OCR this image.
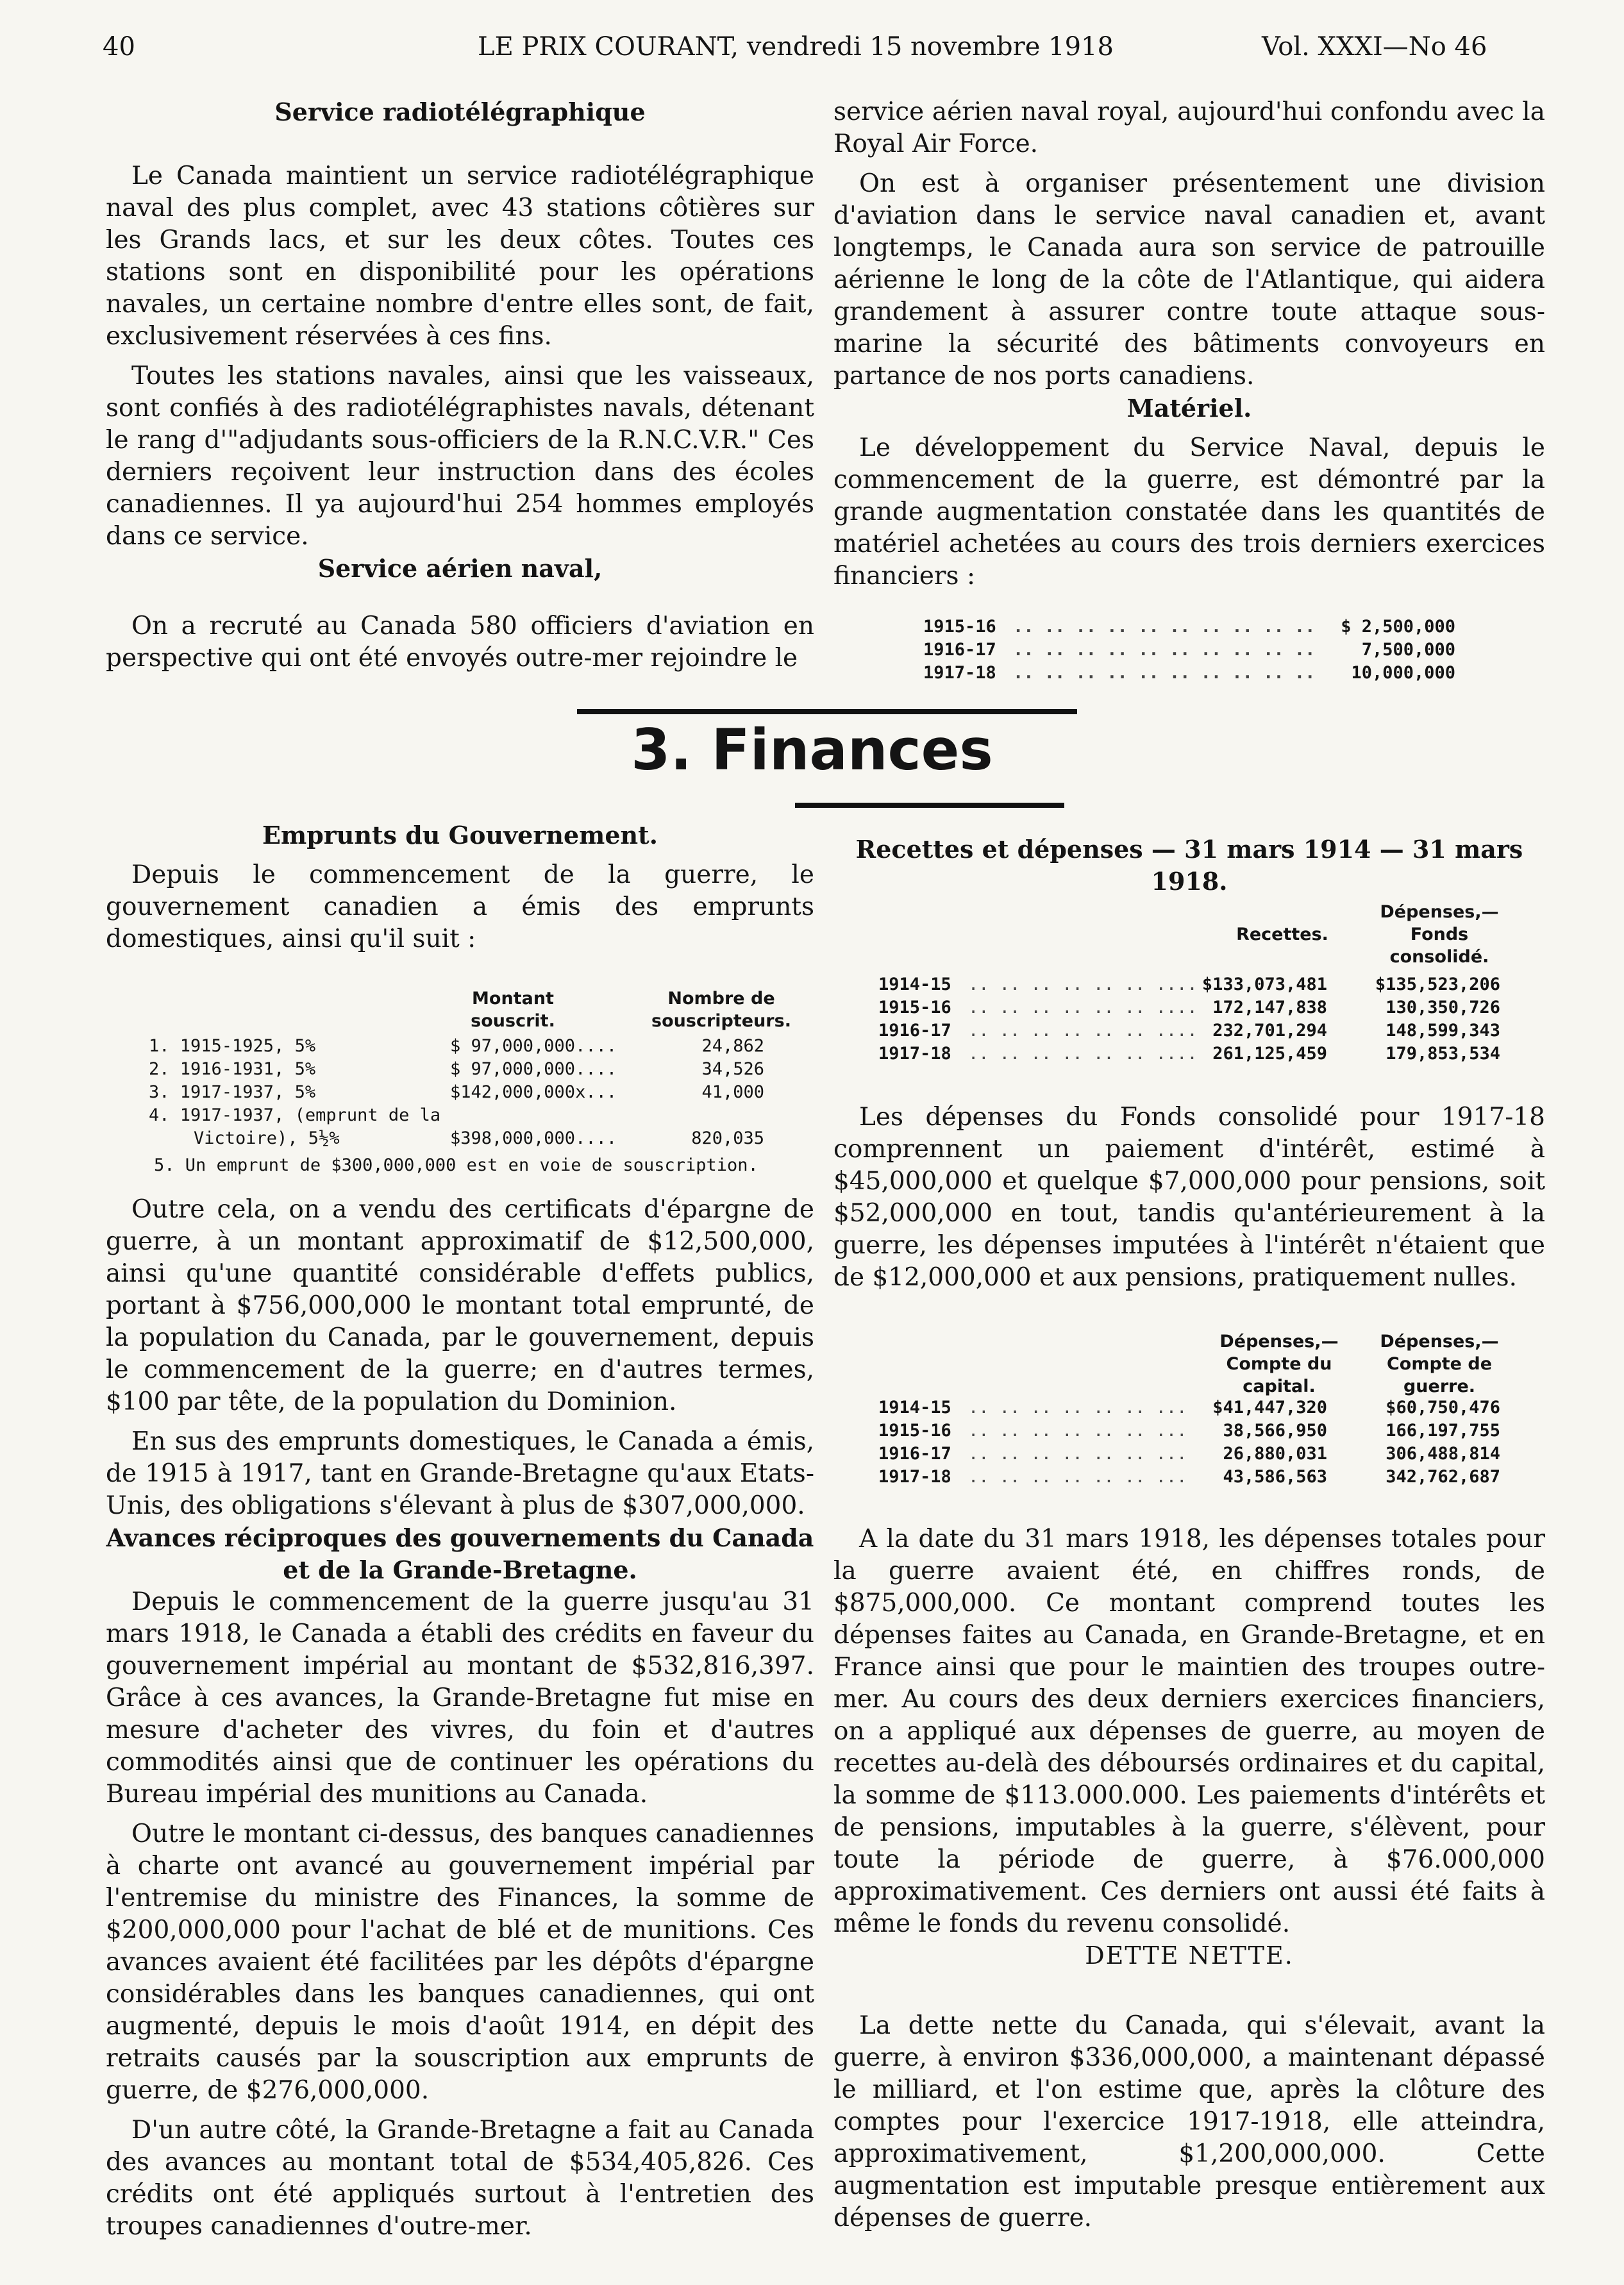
40	LE PRIX COURANT, vendredi 15 novembre 1918	Vol. XXXI—No 46

Service radiotélégraphique

Le Canada maintient un service radiotélégraphique naval des plus complet, avec 43 stations côtières sur les Grands lacs, et sur les deux côtes. Toutes ces stations sont en disponibilité pour les opérations navales, un certaine nombre d'entre elles sont, de fait, exclusivement réservées à ces fins.

Toutes les stations navales, ainsi que les vaisseaux, sont confiés à des radiotélégraphistes navals, détenant le rang d'"adjudants sous-officiers de la R.N.C.V.R." Ces derniers reçoivent leur instruction dans des écoles canadiennes. Il ya aujourd'hui 254 hommes employés dans ce service.

Service aérien naval,

On a recruté au Canada 580 officiers d'aviation en perspective qui ont été envoyés outre-mer rejoindre le

service aérien naval royal, aujourd'hui confondu avec la Royal Air Force.

On est à organiser présentement une division d'aviation dans le service naval canadien et, avant longtemps, le Canada aura son service de patrouille aérienne le long de la côte de l'Atlantique, qui aidera grandement à assurer contre toute attaque sous-marine la sécurité des bâtiments convoyeurs en partance de nos ports canadiens.

Matériel.

Le développement du Service Naval, depuis le commencement de la guerre, est démontré par la grande augmentation constatée dans les quantités de matériel achetées au cours des trois derniers exercices financiers :

1915-16 .. .. .. .. .. .. .. .. .. .. $ 2,500,000
1916-17 .. .. .. .. .. .. .. .. .. ..	7,500,000
1917-18 .. .. .. .. .. .. .. .. .. .. 10,000,000
3. Finances

Emprunts du Gouvernement.

Depuis le commencement de la guerre, le gouvernement canadien a émis des emprunts domestiques, ainsi qu'il suit :

Montant souscrit.
Nombre de souscripteurs.
1. 1915-1925, 5%	$ 97,000,000....	24,862
2. 1916-1931, 5%	$ 97,000,000....	34,526
3. 1917-1937, 5%	$142,000,000x...	41,000
4. 1917-1937, (emprunt de la
Victoire), 5½%	$398,000,000....	820,035
5. Un emprunt de $300,000,000 est en voie de souscription.

Outre cela, on a vendu des certificats d'épargne de guerre, à un montant approximatif de $12,500,000, ainsi qu'une quantité considérable d'effets publics, portant à $756,000,000 le montant total emprunté, de la population du Canada, par le gouvernement, depuis le commencement de la guerre; en d'autres termes, $100 par tête, de la population du Dominion.

En sus des emprunts domestiques, le Canada a émis, de 1915 à 1917, tant en Grande-Bretagne qu'aux Etats-Unis, des obligations s'élevant à plus de $307,000,000.

Avances réciproques des gouvernements du Canada et de la Grande-Bretagne.

Depuis le commencement de la guerre jusqu'au 31 mars 1918, le Canada a établi des crédits en faveur du gouvernement impérial au montant de $532,816,397. Grâce à ces avances, la Grande-Bretagne fut mise en mesure d'acheter des vivres, du foin et d'autres commodités ainsi que de continuer les opérations du Bureau impérial des munitions au Canada.

Outre le montant ci-dessus, des banques canadiennes à charte ont avancé au gouvernement impérial par l'entremise du ministre des Finances, la somme de $200,000,000 pour l'achat de blé et de munitions. Ces avances avaient été facilitées par les dépôts d'épargne considérables dans les banques canadiennes, qui ont augmenté, depuis le mois d'août 1914, en dépit des retraits causés par la souscription aux emprunts de guerre, de $276,000,000.

D'un autre côté, la Grande-Bretagne a fait au Canada des avances au montant total de $534,405,826. Ces crédits ont été appliqués surtout à l'entretien des troupes canadiennes d'outre-mer.

Recettes et dépenses — 31 mars 1914 — 31 mars 1918.

Recettes.
Dépenses,— Fonds consolidé.
1914-15 .. .. .. .. .. .. .... $133,073,481	$135,523,206
1915-16 .. .. .. .. .. .. .... 172,147,838	130,350,726
1916-17 .. .. .. .. .. .. .... 232,701,294	148,599,343
1917-18 .. .. .. .. .. .. .... 261,125,459	179,853,534

Les dépenses du Fonds consolidé pour 1917-18 comprennent un paiement d'intérêt, estimé à $45,000,000 et quelque $7,000,000 pour pensions, soit $52,000,000 en tout, tandis qu'antérieurement à la guerre, les dépenses imputées à l'intérêt n'étaient que de $12,000,000 et aux pensions, pratiquement nulles.

Dépenses,— Compte du capital.
Dépenses,— Compte de guerre.
1914-15 .. .. .. .. .. .. ... $41,447,320	$60,750,476
1915-16 .. .. .. .. .. .. ... 38,566,950	166,197,755
1916-17 .. .. .. .. .. .. ... 26,880,031	306,488,814
1917-18 .. .. .. .. .. .. ... 43,586,563	342,762,687

A la date du 31 mars 1918, les dépenses totales pour la guerre avaient été, en chiffres ronds, de $875,000,000. Ce montant comprend toutes les dépenses faites au Canada, en Grande-Bretagne, et en France ainsi que pour le maintien des troupes outre-mer. Au cours des deux derniers exercices financiers, on a appliqué aux dépenses de guerre, au moyen de recettes au-delà des déboursés ordinaires et du capital, la somme de $113.000.000. Les paiements d'intérêts et de pensions, imputables à la guerre, s'élèvent, pour toute la période de guerre, à $76.000,000 approximativement. Ces derniers ont aussi été faits à même le fonds du revenu consolidé.

DETTE NETTE.

La dette nette du Canada, qui s'élevait, avant la guerre, à environ $336,000,000, a maintenant dépassé le milliard, et l'on estime que, après la clôture des comptes pour l'exercice 1917-1918, elle atteindra, approximativement, $1,200,000,000. Cette augmentation est imputable presque entièrement aux dépenses de guerre.
